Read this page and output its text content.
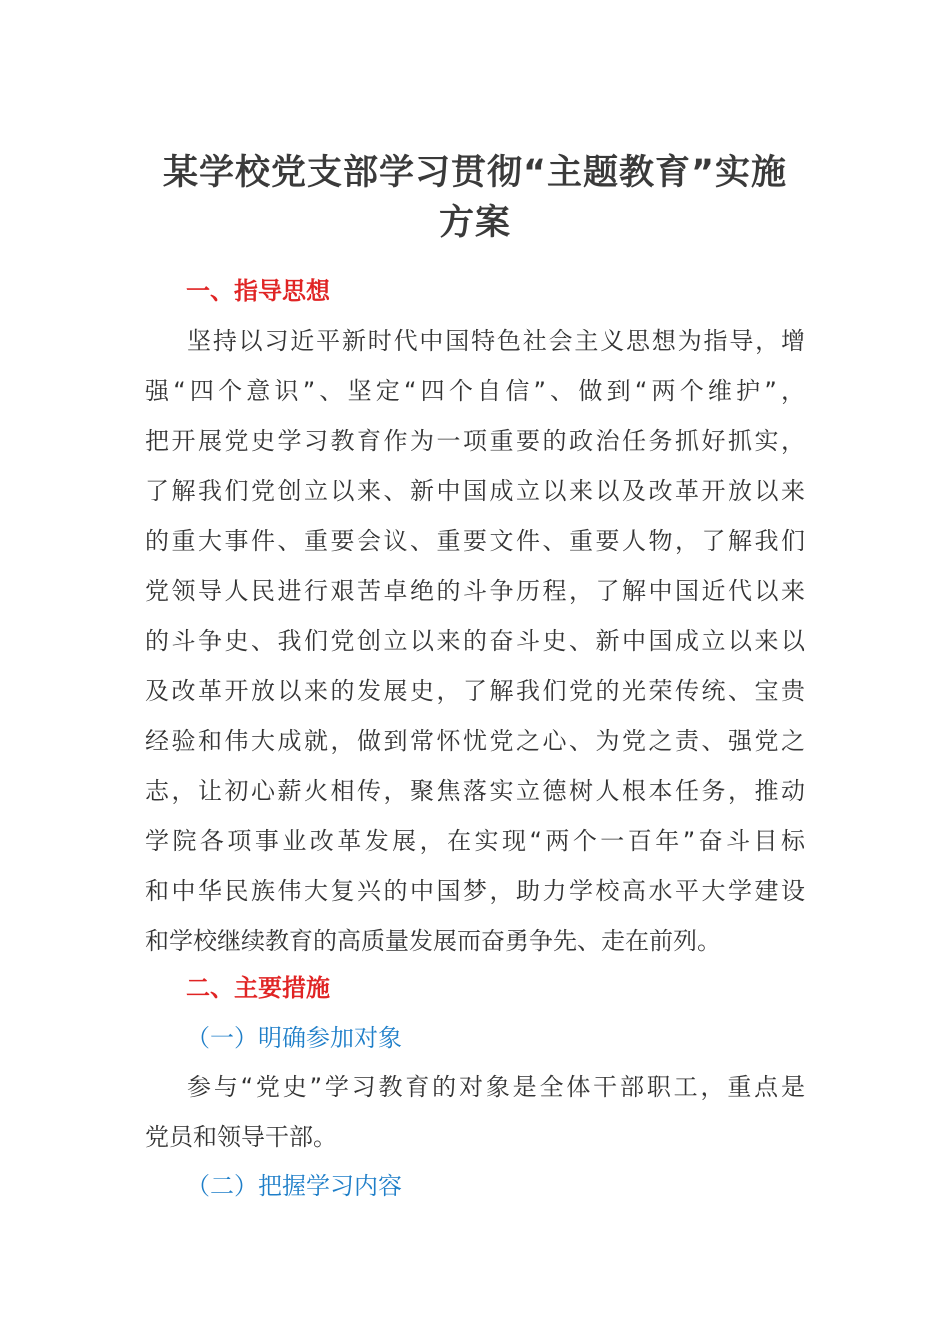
某学校党支部学习贯彻“主题教育”实施
方案
一、指导思想
坚持以习近平新时代中国特色社会主义思想为指导，增
强“四个意识”、坚定“四个自信”、做到“两个维护”，
把开展党史学习教育作为一项重要的政治任务抓好抓实，
了解我们党创立以来、新中国成立以来以及改革开放以来
的重大事件、重要会议、重要文件、重要人物，了解我们
党领导人民进行艰苦卓绝的斗争历程，了解中国近代以来
的斗争史、我们党创立以来的奋斗史、新中国成立以来以
及改革开放以来的发展史，了解我们党的光荣传统、宝贵
经验和伟大成就，做到常怀忧党之心、为党之责、强党之
志，让初心薪火相传，聚焦落实立德树人根本任务，推动
学院各项事业改革发展，在实现“两个一百年”奋斗目标
和中华民族伟大复兴的中国梦，助力学校高水平大学建设
和学校继续教育的高质量发展而奋勇争先、走在前列。
二、主要措施
（一）明确参加对象
参与“党史”学习教育的对象是全体干部职工，重点是
党员和领导干部。
（二）把握学习内容
